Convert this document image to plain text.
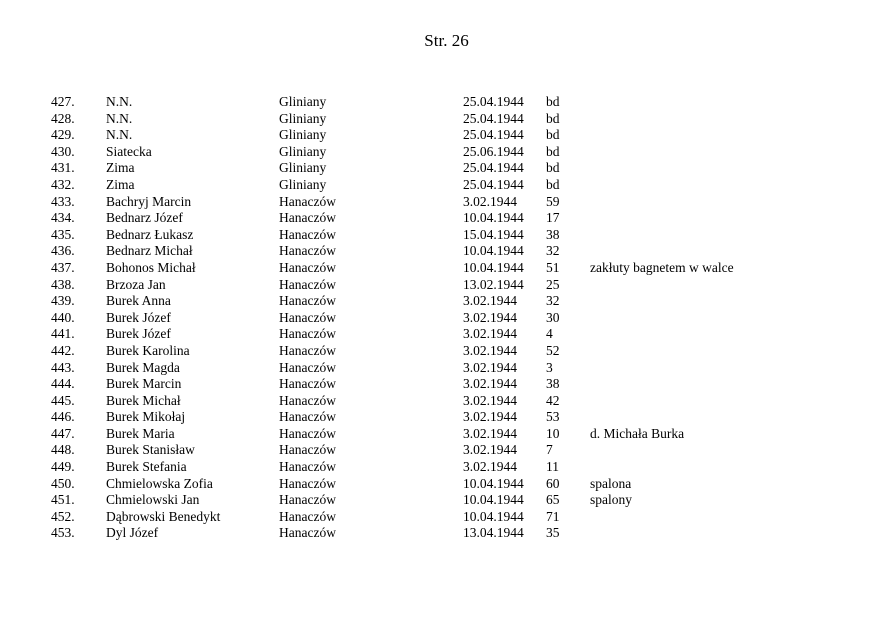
Str. 26
427. N.N.	Gliniany	25.04.1944 bd
428. N.N.	Gliniany	25.04.1944 bd
429. N.N.	Gliniany	25.04.1944 bd
430. Siatecka	Gliniany	25.06.1944 bd
431. Zima	Gliniany	25.04.1944 bd
432. Zima	Gliniany	25.04.1944 bd
433. Bachryj Marcin	Hanaczów	3.02.1944 59
434. Bednarz Józef	Hanaczów	10.04.1944 17
435. Bednarz Łukasz	Hanaczów	15.04.1944 38
436. Bednarz Michał	Hanaczów	10.04.1944 32
437. Bohonos Michał	Hanaczów	10.04.1944 51 zakłuty bagnetem w walce
438. Brzoza Jan	Hanaczów	13.02.1944 25
439. Burek Anna	Hanaczów	3.02.1944 32
440. Burek Józef	Hanaczów	3.02.1944 30
441. Burek Józef	Hanaczów	3.02.1944 4
442. Burek Karolina	Hanaczów	3.02.1944 52
443. Burek Magda	Hanaczów	3.02.1944 3
444. Burek Marcin	Hanaczów	3.02.1944 38
445. Burek Michał	Hanaczów	3.02.1944 42
446. Burek Mikołaj	Hanaczów	3.02.1944 53
447. Burek Maria	Hanaczów	3.02.1944 10 d. Michała Burka
448. Burek Stanisław	Hanaczów	3.02.1944 7
449. Burek Stefania	Hanaczów	3.02.1944 11
450. Chmielowska Zofia	Hanaczów	10.04.1944 60 spalona
451. Chmielowski Jan	Hanaczów	10.04.1944 65 spalony
452. Dąbrowski Benedykt	Hanaczów	10.04.1944 71
453. Dyl Józef	Hanaczów	13.04.1944 35
